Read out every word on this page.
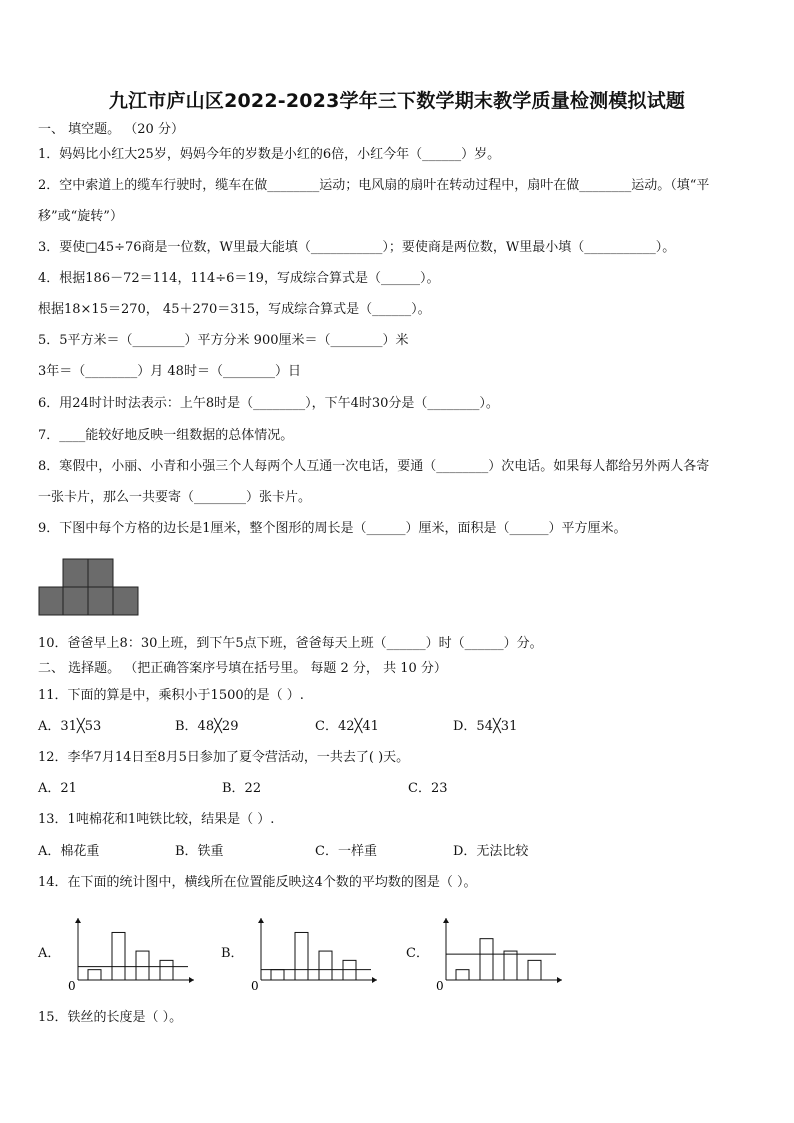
九江市庐山区2022-2023学年三下数学期末教学质量检测模拟试题
一、 填空题。 （20 分）
1．妈妈比小红大25岁，妈妈今年的岁数是小红的6倍，小红今年（______）岁。
2．空中索道上的缆车行驶时，缆车在做________运动；电风扇的扇叶在转动过程中，扇叶在做________运动。（填“平
移”或“旋转”）
3．要使□45÷76商是一位数，W里最大能填（___________）；要使商是两位数，W里最小填（___________）。
4．根据186－72＝114，114÷6＝19，写成综合算式是（______）。
根据18×15＝270， 45＋270＝315，写成综合算式是（______）。
5．5平方米＝（________）平方分米 900厘米＝（________）米
3年＝（________）月 48时＝（________）日
6．用24时计时法表示：上午8时是（________），下午4时30分是（________）。
7．____能较好地反映一组数据的总体情况。
8．寒假中，小丽、小青和小强三个人每两个人互通一次电话，要通（________）次电话。如果每人都给另外两人各寄
一张卡片，那么一共要寄（________）张卡片。
9．下图中每个方格的边长是1厘米，整个图形的周长是（______）厘米，面积是（______）平方厘米。
10．爸爸早上8：30上班，到下午5点下班，爸爸每天上班（______）时（______）分。
二、 选择题。 （把正确答案序号填在括号里。 每题 2 分， 共 10 分）
11．下面的算是中，乘积小于1500的是（ ）.
A．31╳53	B．48╳29	C．42╳41	D．54╳31
12．李华7月14日至8月5日参加了夏令营活动，一共去了( )天。
A．21	B．22	C．23
13．1吨棉花和1吨铁比较，结果是（ ）.
A．棉花重	B．铁重	C．一样重	D．无法比较
14．在下面的统计图中，横线所在位置能反映这4个数的平均数的图是（ ）。
A．	B．	C．
0	0	0
15．铁丝的长度是（ ）。
